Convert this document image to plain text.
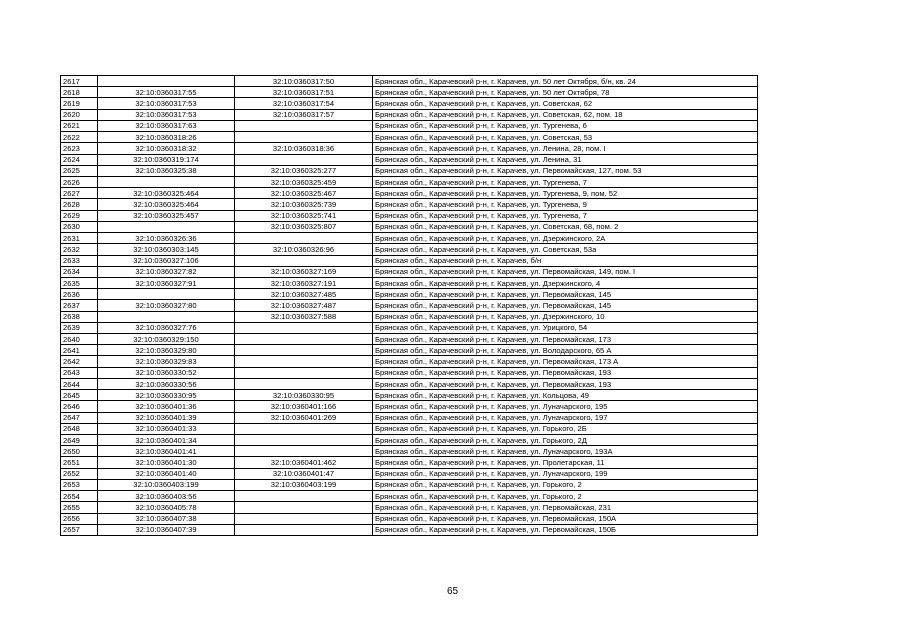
2617		32:10:0360317:50	Брянская обл., Карачевский р-н, г. Карачев, ул. 50 лет Октября, б/н, кв. 24
2618	32:10:0360317:55	32:10:0360317:51	Брянская обл., Карачевский р-н, г. Карачев, ул. 50 лет Октября, 78
2619	32:10:0360317:53	32:10:0360317:54	Брянская обл., Карачевский р-н, г. Карачев, ул. Советская, 62
2620	32:10:0360317:53	32:10:0360317:57	Брянская обл., Карачевский р-н, г. Карачев, ул. Советская, 62, пом. 18
2621	32:10:0360317:63		Брянская обл., Карачевский р-н, г. Карачев, ул. Тургенева, 6
2622	32:10:0360318:26		Брянская обл., Карачевский р-н, г. Карачев, ул. Советская, 53
2623	32:10:0360318:32	32:10:0360318:36	Брянская обл., Карачевский р-н, г. Карачев, ул. Ленина, 28, пом. I
2624	32:10:0360319:174		Брянская обл., Карачевский р-н, г. Карачев, ул. Ленина, 31
2625	32:10:0360325:38	32:10:0360325:277	Брянская обл., Карачевский р-н, г. Карачев, ул. Первомайская, 127, пом. 53
2626		32:10:0360325:459	Брянская обл., Карачевский р-н, г. Карачев, ул. Тургенева, 7
2627	32:10:0360325:464	32:10:0360325:467	Брянская обл., Карачевский р-н, г. Карачев, ул. Тургенева, 9, пом. 52
2628	32:10:0360325:464	32:10:0360325:739	Брянская обл., Карачевский р-н, г. Карачев, ул. Тургенева, 9
2629	32:10:0360325:457	32:10:0360325:741	Брянская обл., Карачевский р-н, г. Карачев, ул. Тургенева, 7
2630		32:10:0360325:807	Брянская обл., Карачевский р-н, г. Карачев, ул. Советская, 68, пом. 2
2631	32:10:0360326:36		Брянская обл., Карачевский р-н, г. Карачев, ул. Дзержинского, 2А
2632	32:10:0360303:145	32:10:0360326:96	Брянская обл., Карачевский р-н, г. Карачев, ул. Советская, 53а
2633	32:10:0360327:106		Брянская обл., Карачевский р-н, г. Карачев, б/н
2634	32:10:0360327:82	32:10:0360327:169	Брянская обл., Карачевский р-н, г. Карачев, ул. Первомайская, 149, пом. I
2635	32:10:0360327:91	32:10:0360327:191	Брянская обл., Карачевский р-н, г. Карачев, ул. Дзержинского, 4
2636		32:10:0360327:485	Брянская обл., Карачевский р-н, г. Карачев, ул. Первомайская, 145
2637	32:10:0360327:80	32:10:0360327:487	Брянская обл., Карачевский р-н, г. Карачев, ул. Первомайская, 145
2638		32:10:0360327:588	Брянская обл., Карачевский р-н, г. Карачев, ул. Дзержинского, 10
2639	32:10:0360327:76		Брянская обл., Карачевский р-н, г. Карачев, ул. Урицкого, 54
2640	32:10:0360329:150		Брянская обл., Карачевский р-н, г. Карачев, ул. Первомайская, 173
2641	32:10:0360329:80		Брянская обл., Карачевский р-н, г. Карачев, ул. Володарского, 65 А
2642	32:10:0360329:83		Брянская обл., Карачевский р-н, г. Карачев, ул. Первомайская, 173 А
2643	32:10:0360330:52		Брянская обл., Карачевский р-н, г. Карачев, ул. Первомайская, 193
2644	32:10:0360330:56		Брянская обл., Карачевский р-н, г. Карачев, ул. Первомайская, 193
2645	32:10:0360330:95	32:10:0360330:95	Брянская обл., Карачевский р-н, г. Карачев, ул. Кольцова, 49
2646	32:10:0360401:36	32:10:0360401:166	Брянская обл., Карачевский р-н, г. Карачев, ул. Луначарского, 195
2647	32:10:0360401:39	32:10:0360401:269	Брянская обл., Карачевский р-н, г. Карачев, ул. Луначарского, 197
2648	32:10:0360401:33		Брянская обл., Карачевский р-н, г. Карачев, ул. Горького, 2Б
2649	32:10:0360401:34		Брянская обл., Карачевский р-н, г. Карачев, ул. Горького, 2Д
2650	32:10:0360401:41		Брянская обл., Карачевский р-н, г. Карачев, ул. Луначарского, 193А
2651	32:10:0360401:30	32:10:0360401:462	Брянская обл., Карачевский р-н, г. Карачев, ул. Пролетарская, 11
2652	32:10:0360401:40	32:10:0360401:47	Брянская обл., Карачевский р-н, г. Карачев, ул. Луначарского, 199
2653	32:10:0360403:199	32:10:0360403:199	Брянская обл., Карачевский р-н, г. Карачев, ул. Горького, 2
2654	32:10:0360403:56		Брянская обл., Карачевский р-н, г. Карачев, ул. Горького, 2
2655	32:10:0360405:78		Брянская обл., Карачевский р-н, г. Карачев, ул. Первомайская, 231
2656	32:10:0360407:38		Брянская обл., Карачевский р-н, г. Карачев, ул. Первомайская, 150А
2657	32:10:0360407:39		Брянская обл., Карачевский р-н, г. Карачев, ул. Первомайская, 150Б
65
